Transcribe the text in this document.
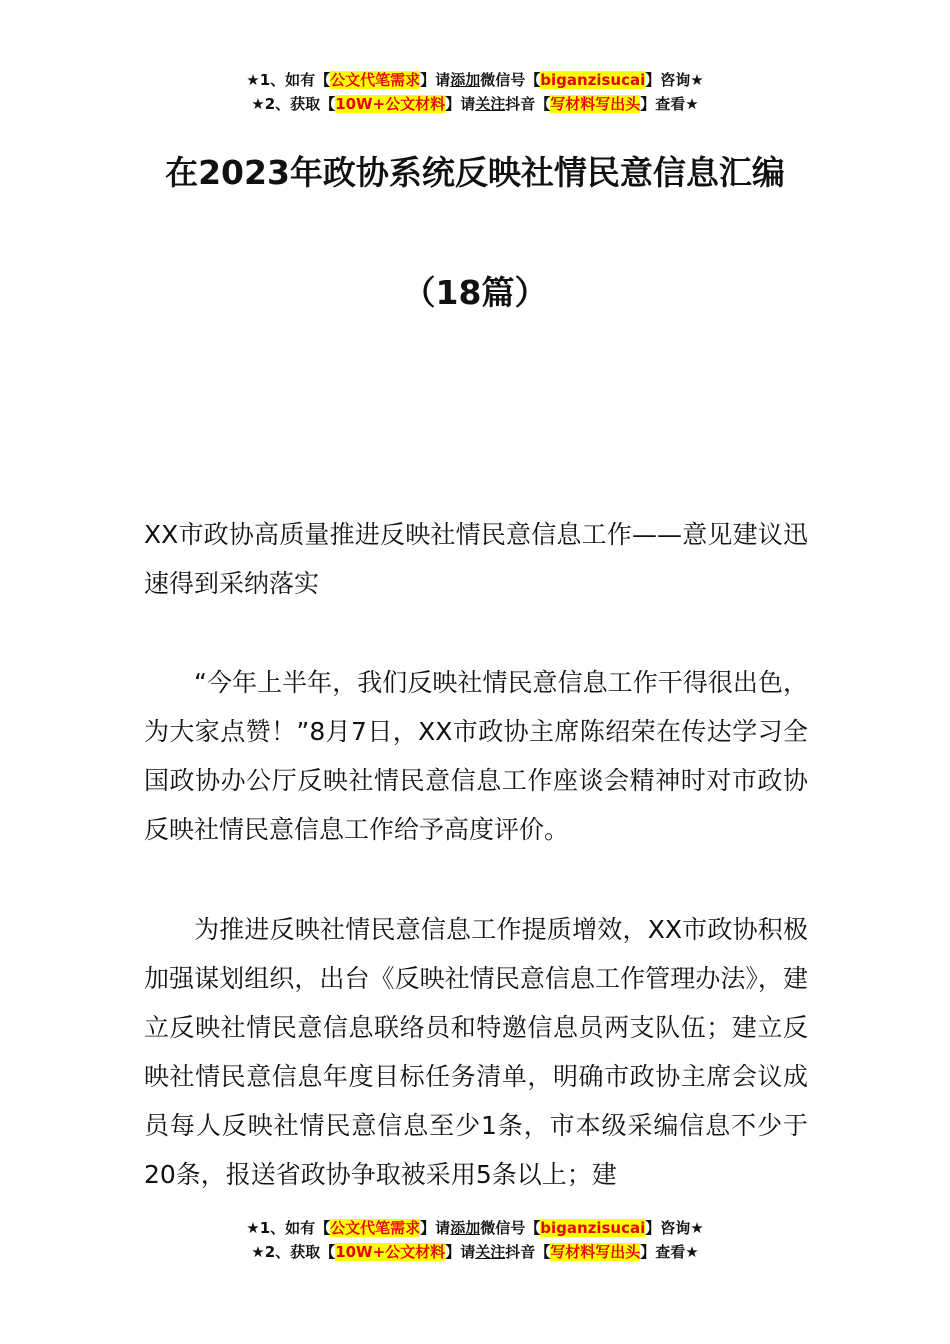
★1、如有【公文代笔需求】请添加微信号【biganzisucai】咨询★
★2、获取【10W+公文材料】请关注抖音【写材料写出头】查看★
在2023年政协系统反映社情民意信息汇编
（18篇）
XX市政协高质量推进反映社情民意信息工作——意见建议迅速得到采纳落实
“今年上半年，我们反映社情民意信息工作干得很出色，为大家点赞！”8月7日，XX市政协主席陈绍荣在传达学习全国政协办公厅反映社情民意信息工作座谈会精神时对市政协反映社情民意信息工作给予高度评价。
为推进反映社情民意信息工作提质增效，XX市政协积极加强谋划组织，出台《反映社情民意信息工作管理办法》，建立反映社情民意信息联络员和特邀信息员两支队伍；建立反映社情民意信息年度目标任务清单，明确市政协主席会议成员每人反映社情民意信息至少1条，市本级采编信息不少于20条，报送省政协争取被采用5条以上；建
★1、如有【公文代笔需求】请添加微信号【biganzisucai】咨询★
★2、获取【10W+公文材料】请关注抖音【写材料写出头】查看★
